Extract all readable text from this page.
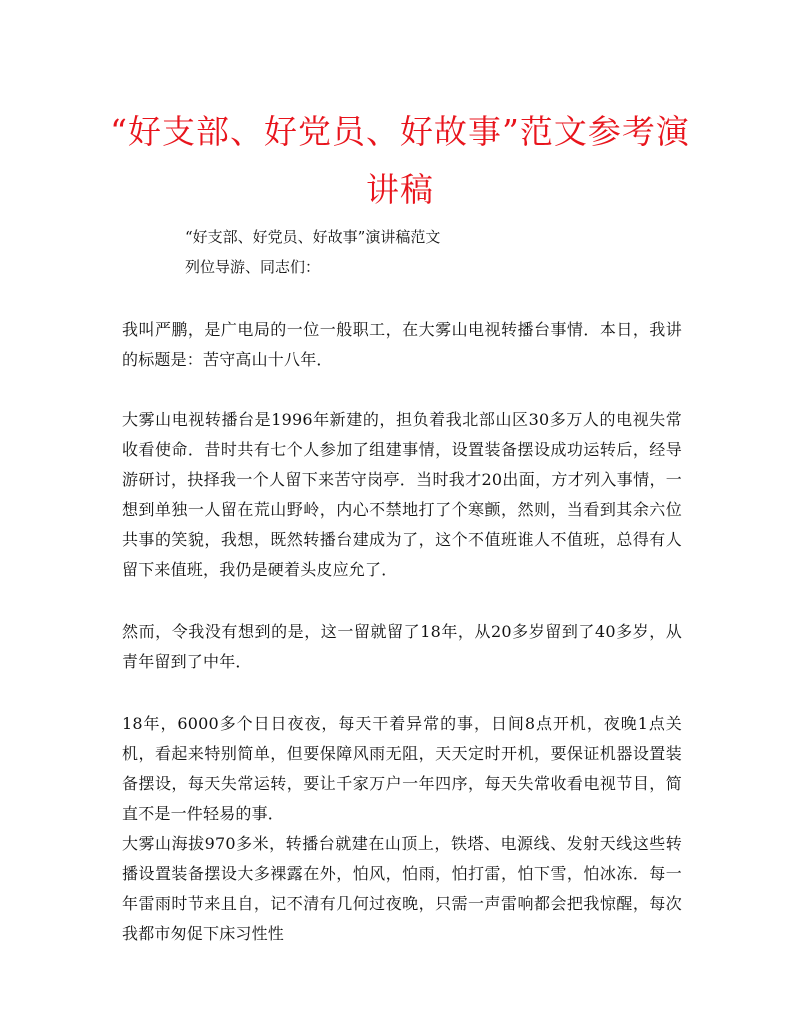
“好支部、好党员、好故事”范文参考演
讲稿

“好支部、好党员、好故事”演讲稿范文

列位导游、同志们：

我叫严鹏，是广电局的一位一般职工，在大雾山电视转播台事情．本日，我讲的标题是：苦守高山十八年．

大雾山电视转播台是1996年新建的，担负着我北部山区30多万人的电视失常收看使命．昔时共有七个人参加了组建事情，设置装备摆设成功运转后，经导游研讨，抉择我一个人留下来苦守岗亭．当时我才20出面，方才列入事情，一想到单独一人留在荒山野岭，内心不禁地打了个寒颤，然则，当看到其余六位共事的笑貌，我想，既然转播台建成为了，这个不值班谁人不值班，总得有人留下来值班，我仍是硬着头皮应允了．

然而，令我没有想到的是，这一留就留了18年，从20多岁留到了40多岁，从青年留到了中年．

18年，6000多个日日夜夜，每天干着异常的事，日间8点开机，夜晚1点关机，看起来特别简单，但要保障风雨无阻，天天定时开机，要保证机器设置装备摆设，每天失常运转，要让千家万户一年四序，每天失常收看电视节目，简直不是一件轻易的事．

大雾山海拔970多米，转播台就建在山顶上，铁塔、电源线、发射天线这些转播设置装备摆设大多裸露在外，怕风，怕雨，怕打雷，怕下雪，怕冰冻．每一年雷雨时节来且自，记不清有几何过夜晚，只需一声雷响都会把我惊醒，每次我都市匆促下床习性性
